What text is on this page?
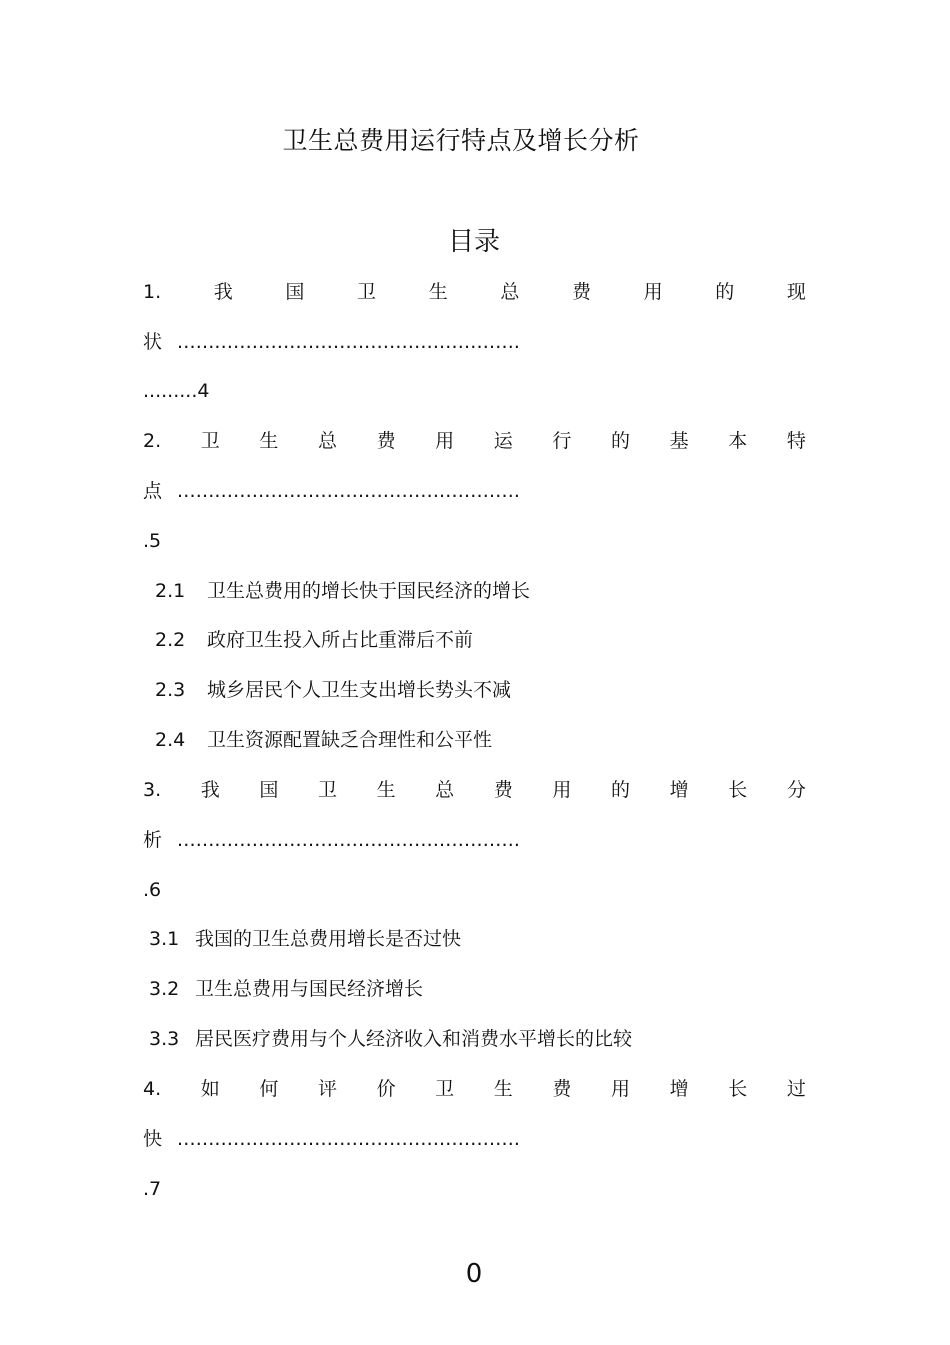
卫生总费用运行特点及增长分析
目录
1.	我	国	卫	生	总	费	用	的	现
状 .......................................................
.........4
2. 卫 生 总 费 用 运 行 的 基 本 特
点 .......................................................
.5
2.1 卫生总费用的增长快于国民经济的增长
2.2 政府卫生投入所占比重滞后不前
2.3 城乡居民个人卫生支出增长势头不减
2.4 卫生资源配置缺乏合理性和公平性
3. 我 国 卫 生 总 费 用 的 增 长 分
析 .......................................................
.6
3.1 我国的卫生总费用增长是否过快
3.2 卫生总费用与国民经济增长
3.3 居民医疗费用与个人经济收入和消费水平增长的比较
4. 如 何 评 价 卫 生 费 用 增 长 过
快 .......................................................
.7
0
